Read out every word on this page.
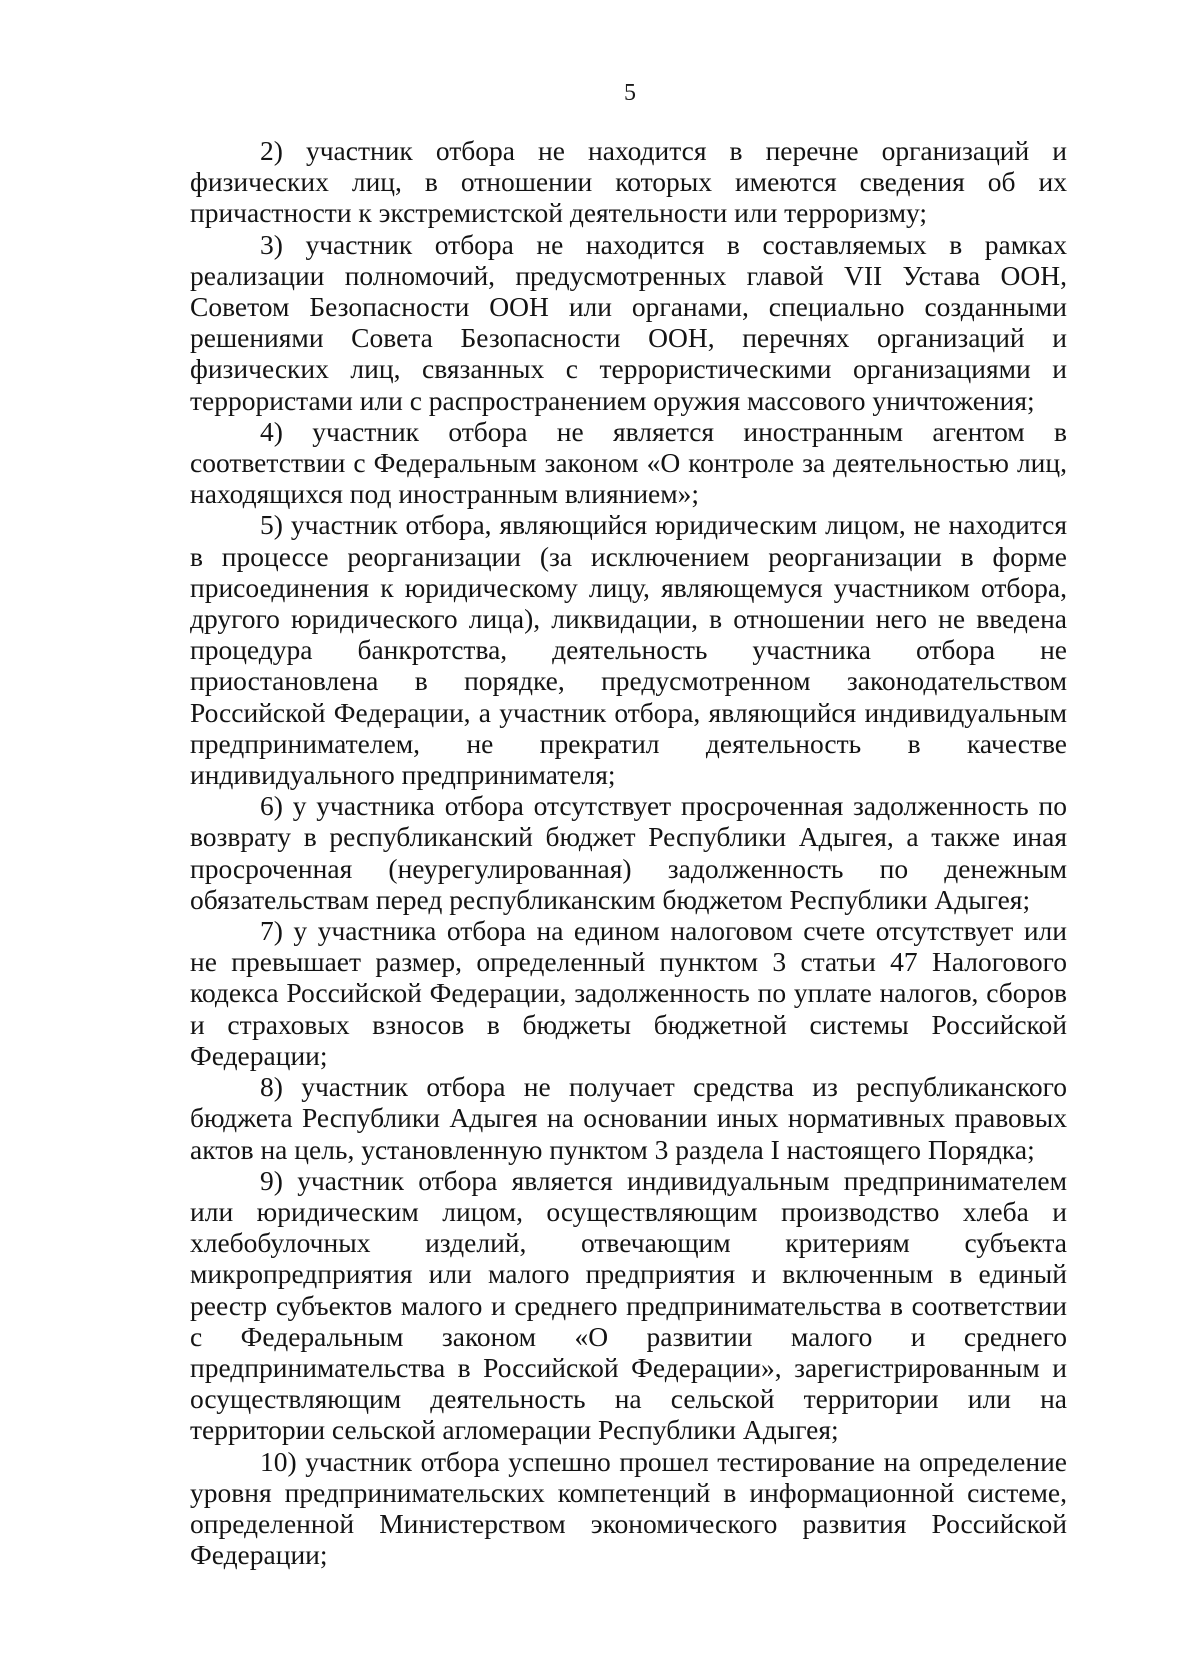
5

2) участник отбора не находится в перечне организаций и физических лиц, в отношении которых имеются сведения об их причастности к экстремистской деятельности или терроризму;

3) участник отбора не находится в составляемых в рамках реализации полномочий, предусмотренных главой VII Устава ООН, Советом Безопасности ООН или органами, специально созданными решениями Совета Безопасности ООН, перечнях организаций и физических лиц, связанных с террористическими организациями и террористами или с распространением оружия массового уничтожения;

4) участник отбора не является иностранным агентом в соответствии с Федеральным законом «О контроле за деятельностью лиц, находящихся под иностранным влиянием»;

5) участник отбора, являющийся юридическим лицом, не находится в процессе реорганизации (за исключением реорганизации в форме присоединения к юридическому лицу, являющемуся участником отбора, другого юридического лица), ликвидации, в отношении него не введена процедура банкротства, деятельность участника отбора не приостановлена в порядке, предусмотренном законодательством Российской Федерации, а участник отбора, являющийся индивидуальным предпринимателем, не прекратил деятельность в качестве индивидуального предпринимателя;

6) у участника отбора отсутствует просроченная задолженность по возврату в республиканский бюджет Республики Адыгея, а также иная просроченная (неурегулированная) задолженность по денежным обязательствам перед республиканским бюджетом Республики Адыгея;

7) у участника отбора на едином налоговом счете отсутствует или не превышает размер, определенный пунктом 3 статьи 47 Налогового кодекса Российской Федерации, задолженность по уплате налогов, сборов и страховых взносов в бюджеты бюджетной системы Российской Федерации;

8) участник отбора не получает средства из республиканского бюджета Республики Адыгея на основании иных нормативных правовых актов на цель, установленную пунктом 3 раздела I настоящего Порядка;

9) участник отбора является индивидуальным предпринимателем или юридическим лицом, осуществляющим производство хлеба и хлебобулочных изделий, отвечающим критериям субъекта микропредприятия или малого предприятия и включенным в единый реестр субъектов малого и среднего предпринимательства в соответствии с Федеральным законом «О развитии малого и среднего предпринимательства в Российской Федерации», зарегистрированным и осуществляющим деятельность на сельской территории или на территории сельской агломерации Республики Адыгея;

10) участник отбора успешно прошел тестирование на определение уровня предпринимательских компетенций в информационной системе, определенной Министерством экономического развития Российской Федерации;
